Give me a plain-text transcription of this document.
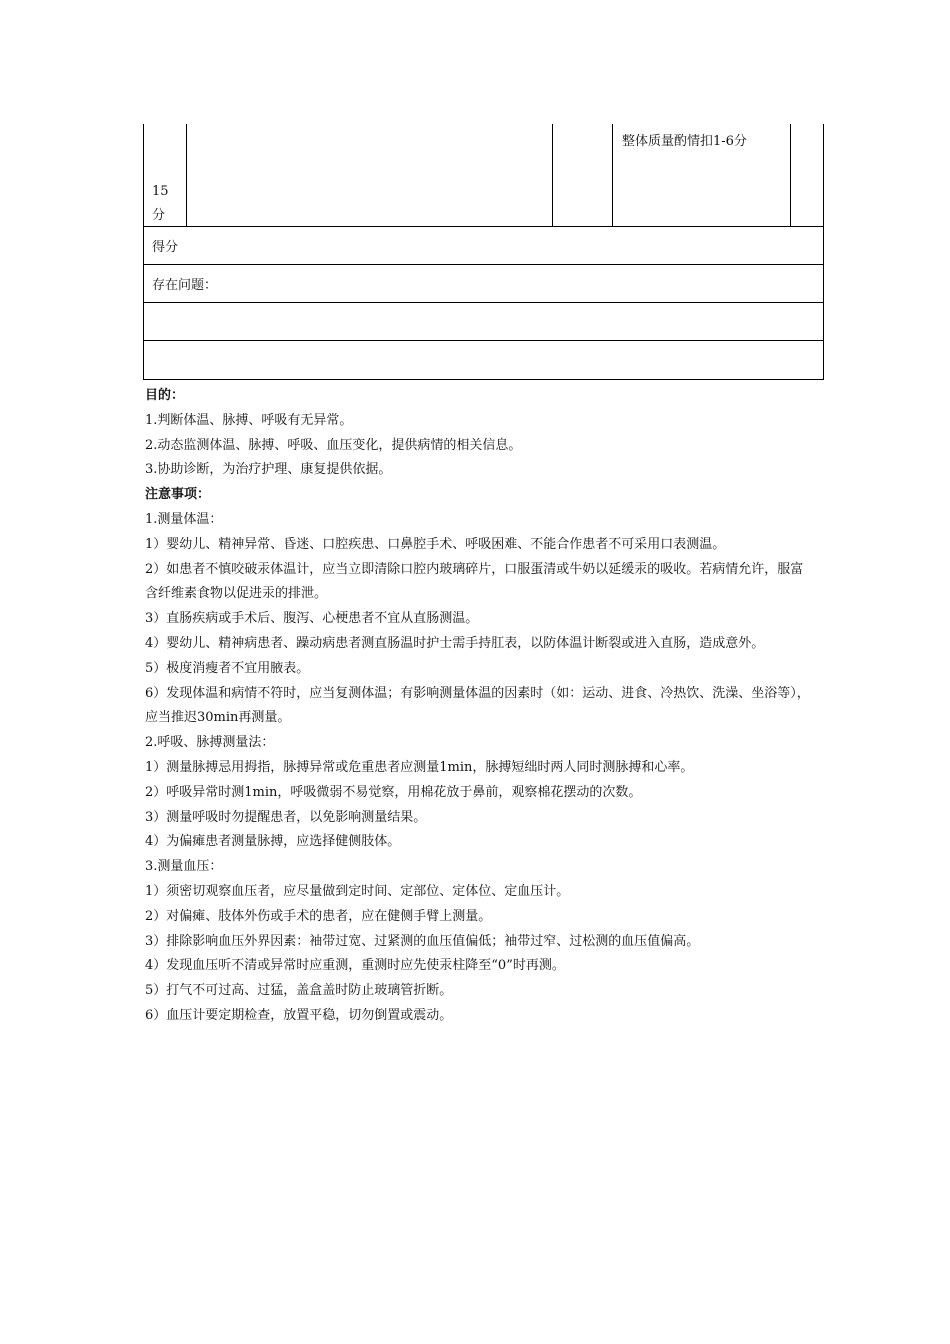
15
分
整体质量酌情扣1-6分
得分
存在问题：

目的：

1.判断体温、脉搏、呼吸有无异常。

2.动态监测体温、脉搏、呼吸、血压变化，提供病情的相关信息。

3.协助诊断，为治疗护理、康复提供依据。

注意事项：

1.测量体温：

1）婴幼儿、精神异常、昏迷、口腔疾患、口鼻腔手术、呼吸困难、不能合作患者不可采用口表测温。

2）如患者不慎咬破汞体温计，应当立即清除口腔内玻璃碎片，口服蛋清或牛奶以延缓汞的吸收。若病情允许，服富含纤维素食物以促进汞的排泄。

3）直肠疾病或手术后、腹泻、心梗患者不宜从直肠测温。

4）婴幼儿、精神病患者、躁动病患者测直肠温时护士需手持肛表，以防体温计断裂或进入直肠，造成意外。

5）极度消瘦者不宜用腋表。

6）发现体温和病情不符时，应当复测体温；有影响测量体温的因素时（如：运动、进食、冷热饮、洗澡、坐浴等），应当推迟30min再测量。

2.呼吸、脉搏测量法：

1）测量脉搏忌用拇指，脉搏异常或危重患者应测量1min，脉搏短绌时两人同时测脉搏和心率。

2）呼吸异常时测1min，呼吸微弱不易觉察，用棉花放于鼻前，观察棉花摆动的次数。

3）测量呼吸时勿提醒患者，以免影响测量结果。

4）为偏瘫患者测量脉搏，应选择健侧肢体。

3.测量血压：

1）须密切观察血压者，应尽量做到定时间、定部位、定体位、定血压计。

2）对偏瘫、肢体外伤或手术的患者，应在健侧手臂上测量。

3）排除影响血压外界因素：袖带过宽、过紧测的血压值偏低；袖带过窄、过松测的血压值偏高。

4）发现血压听不清或异常时应重测，重测时应先使汞柱降至“0”时再测。

5）打气不可过高、过猛，盖盒盖时防止玻璃管折断。

6）血压计要定期检查，放置平稳，切勿倒置或震动。
